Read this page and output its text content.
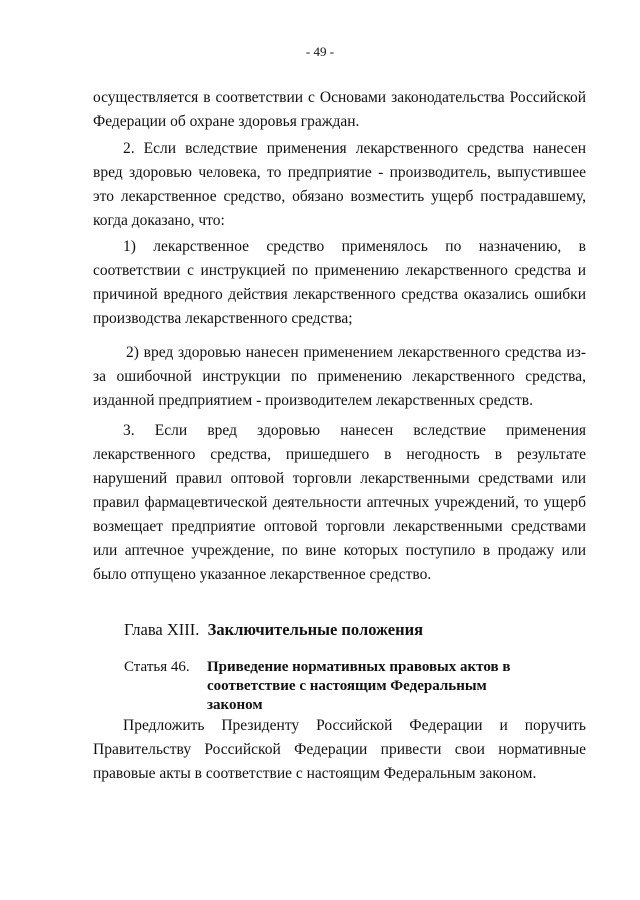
- 49 -

осуществляется в соответствии с Основами законодательства Российской Федерации об охране здоровья граждан.

2. Если вследствие применения лекарственного средства нанесен вред здоровью человека, то предприятие - производитель, выпустившее это лекарственное средство, обязано возместить ущерб пострадавшему, когда доказано, что:

1) лекарственное средство применялось по назначению, в соответствии с инструкцией по применению лекарственного средства и причиной вредного действия лекарственного средства оказались ошибки производства лекарственного средства;

2) вред здоровью нанесен применением лекарственного средства из-за ошибочной инструкции по применению лекарственного средства, изданной предприятием - производителем лекарственных средств.

3. Если вред здоровью нанесен вследствие применения лекарственного средства, пришедшего в негодность в результате нарушений правил оптовой торговли лекарственными средствами или правил фармацевтической деятельности аптечных учреждений, то ущерб возмещает предприятие оптовой торговли лекарственными средствами или аптечное учреждение, по вине которых поступило в продажу или было отпущено указанное лекарственное средство.

Глава XIII. Заключительные положения
Статья 46. Приведение нормативных правовых актов в соответствие с настоящим Федеральным законом

Предложить Президенту Российской Федерации и поручить Правительству Российской Федерации привести свои нормативные правовые акты в соответствие с настоящим Федеральным законом.
